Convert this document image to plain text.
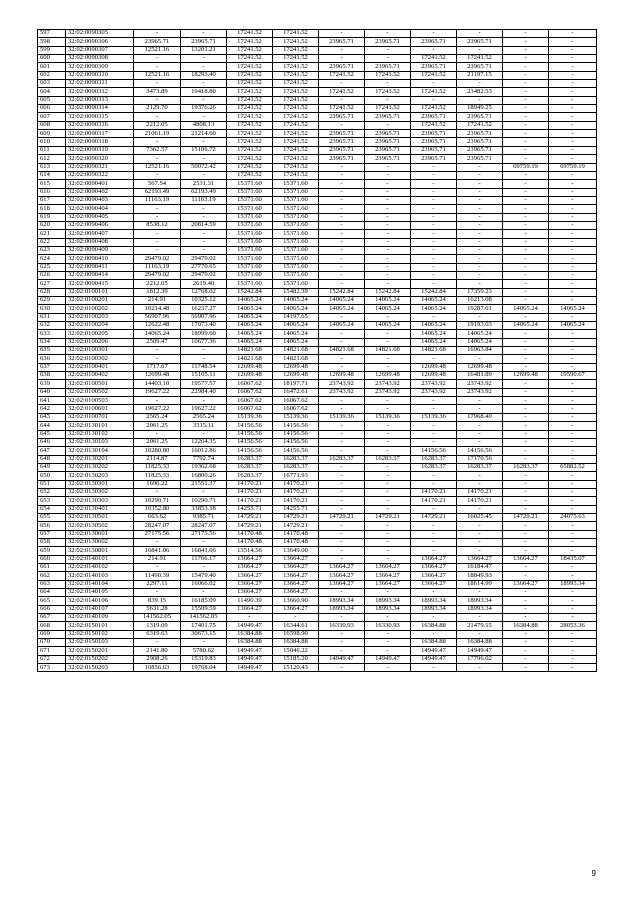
597	32:02:0090305	-	-	17241.52	17241.52	-	-	-	-	-	-
598	32:02:0090306	23965.71	23965.71	17241.52	17241.52	23965.71	23965.71	23965.71	23965.71	-	-
599	32:02:0090307	12521.16	13201.21	17241.52	17241.52	-	-	-	-	-	-
600	32:02:0090308	-	-	17241.52	17241.52	-	-	17241.52	17241.52	-	-
601	32:02:0090309	-	-	17241.52	17241.52	23965.71	23965.71	23965.71	23965.71	-	-
602	32:02:0090310	12521.16	18293.40	17241.52	17241.52	17241.52	17241.52	17241.52	21197.15	-	-
603	32:02:0090311	-	-	17241.52	17241.52	-	-	-	-	-	-
604	32:02:0090312	3473.89	19418.80	17241.52	17241.52	17241.52	17241.52	17241.52	23482.53	-	-
605	32:02:0090313	-	-	17241.52	17241.52	-	-	-	-	-	-
606	32:02:0090314	2129.70	19376.26	17241.52	17241.52	17241.52	17241.52	17241.52	18949.25	-	-
607	32:02:0090315	-	-	17241.52	17241.52	23965.71	23965.71	23965.71	23965.71	-	-
608	32:02:0090316	2212.05	4808.13	17241.52	17241.52	-	-	17241.52	17241.52	-	-
609	32:02:0090317	21061.19	21214.60	17241.52	17241.52	23965.71	23965.71	23965.71	23965.71	-	-
610	32:02:0090318	-	-	17241.52	17241.52	23965.71	23965.71	23965.71	23965.71	-	-
611	32:02:0090319	7362.57	15106.72	17241.52	17241.52	23965.71	23965.71	23965.71	23965.71	-	-
612	32:02:0090320	-	-	17241.52	17241.52	23965.71	23965.71	23965.71	23965.71	-	-
613	32:02:0090321	12521.16	50072.42	17241.52	17241.52	-	-	-	-	69759.19	69759.19
614	32:02:0090322	-	-	17241.52	17241.52	-	-	-	-	-	-
615	32:02:0090401	567.54	2531.31	15371.60	15371.60	-	-	-	-	-	-
616	32:02:0090402	62193.49	62193.49	15371.60	15371.60	-	-	-	-	-	-
617	32:02:0090403	11163.19	11163.19	15371.60	15371.60	-	-	-	-	-	-
618	32:02:0090404	-	-	15371.60	15371.60	-	-	-	-	-	-
619	32:02:0090405	-	-	15371.60	15371.60	-	-	-	-	-	-
620	32:02:0090406	8538.12	20814.59	15371.60	15371.60	-	-	-	-	-	-
621	32:02:0090407	-	-	15371.60	15371.60	-	-	-	-	-	-
622	32:02:0090408	-	-	15371.60	15371.60	-	-	-	-	-	-
623	32:02:0090409	-	-	15371.60	15371.60	-	-	-	-	-	-
624	32:02:0090410	29479.02	29479.02	15371.60	15371.60	-	-	-	-	-	-
625	32:02:0090411	11163.19	27770.65	15371.60	15371.60	-	-	-	-	-	-
626	32:02:0090414	29479.02	29479.02	15371.60	15371.60	-	-	-	-	-	-
627	32:02:0090415	2212.05	2619.40	15371.60	15371.60	-	-	-	-	-	-
628	32:02:0100101	1812.39	12768.02	15242.84	15482.39	15242.84	15242.84	15242.84	17359.23	-	-
629	32:02:0100201	214.91	10325.12	14065.24	14065.24	14065.24	14065.24	14065.24	16213.08	-	-
630	32:02:0100202	10214.48	16237.27	14065.24	14065.24	14065.24	14065.24	14065.24	19287.01	14065.24	14065.24
631	32:02:0100203	56907.96	56907.96	14065.24	14197.65	-	-	-	-	-	-
632	32:02:0100204	12622.48	17073.40	14065.24	14065.24	14065.24	14065.24	14065.24	19193.03	14065.24	14065.24
633	32:02:0100205	14065.24	18999.60	14065.24	14065.24	-	-	14065.24	14065.24	-	-
634	32:02:0100206	2509.47	10677.36	14065.24	14065.24	-	-	14065.24	14065.24	-	-
635	32:02:0100301	-	-	14821.68	14821.68	14821.68	14821.68	14821.68	16963.84	-	-
636	32:02:0100302	-	-	14821.68	14821.68	-	-	-	-	-	-
637	32:02:0100401	1717.67	11748.54	12699.48	12699.48	-	-	12699.48	12699.48	-	-
638	32:02:0100402	12699.48	15105.11	12699.48	12699.48	12699.48	12699.48	12699.48	16481.89	12699.48	19590.67
639	32:02:0100501	14403.10	19577.57	16067.62	18197.71	23743.92	23743.92	23743.92	23743.92	-	-
640	32:02:0100502	19627.22	22984.40	16067.62	16472.61	23743.92	23743.92	23743.92	23743.92	-	-
641	32:02:0100503	-	-	16067.62	16067.62	-	-	-	-	-	-
642	32:02:0100601	19627.22	19627.22	16067.62	16067.62	-	-	-	-	-	-
643	32:02:0100701	2565.24	2565.24	15139.36	15139.36	15139.36	15139.36	15139.36	17968.40	-	-
644	32:02:0130101	2061.25	3315.11	14156.56	14156.56	-	-	-	-	-	-
645	32:02:0130102	-	-	14156.56	14156.56	-	-	-	-	-	-
646	32:02:0130103	2061.25	12264.35	14156.56	14156.56	-	-	-	-	-	-
647	32:02:0130104	10280.80	16012.86	14156.56	14156.56	-	-	14156.56	14156.56	-	-
648	32:02:0130201	2114.87	7792.74	16283.37	16283.37	16283.37	16283.37	16283.37	17170.56	-	-
649	32:02:0130202	11825.33	19362.68	16283.37	16283.37	-	-	16283.37	16283.37	16283.37	65882.52
650	32:02:0130203	11825.33	16800.26	16283.37	16771.93	-	-	-	-	-	-
651	32:02:0130301	1696.22	21551.37	14170.21	14170.21	-	-	-	-	-	-
652	32:02:0130302	-	-	14170.21	14170.21	-	-	14170.21	14170.21	-	-
653	32:02:0130303	10290.71	10290.71	14170.21	14170.21	-	-	14170.21	14170.21	-	-
654	32:02:0130401	10352.80	33853.18	14255.71	14255.71	-	-	-	-	-	-
655	32:02:0130501	663.62	9385.71	14729.21	14729.21	14729.21	14729.21	14729.21	16025.45	14729.21	24075.63
656	32:02:0130502	28247.07	28247.07	14729.21	14729.21	-	-	-	-	-	-
657	32:02:0130601	27175.56	27175.56	14170.48	14170.48	-	-	-	-	-	-
658	32:02:0130602	-	-	14170.48	14170.48	-	-	-	-	-	-
659	32:02:0130801	16841.06	16841.06	13514.56	13649.00	-	-	-	-	-	-
660	32:02:0140101	214.91	11766.17	13664.27	13664.27	-	-	13664.27	13664.27	13664.27	18435.07
661	32:02:0140102	-	-	13664.27	13664.27	13664.27	13664.27	13664.27	16184.47	-	-
662	32:02:0140103	11490.39	15479.40	13664.27	13664.27	13664.27	13664.27	13664.27	18849.93	-	-
663	32:02:0140104	2297.11	16066.02	13664.27	13664.27	13664.27	13664.27	13664.27	18614.99	13664.27	18993.34
664	32:02:0140105	-	-	13664.27	13664.27	-	-	-	-	-	-
665	32:02:0140106	839.15	16185.09	11490.39	13660.90	18993.34	18993.34	18993.34	18993.34	-	-
666	32:02:0140107	5631.28	15509.59	13664.27	13664.27	18993.34	18993.34	18993.34	18993.34	-	-
667	32:02:0140109	141562.05	141562.05	-	-	-	-	-	-	-	-
668	32:02:0150101	1319.09	17401.75	14949.47	16344.61	16330.93	16330.93	16384.88	21479.15	16384.88	28053.36
669	32:02:0150102	6319.63	30673.15	16384.88	16598.90	-	-	-	-	-	-
670	32:02:0150103	-	-	16384.88	16384.88	-	-	16384.88	16384.88	-	-
671	32:02:0150201	2141.80	5780.62	14949.47	15046.22	-	-	14949.47	14949.47	-	-
672	32:02:0150202	2908.26	15319.83	14949.47	15185.20	14949.47	14949.47	14949.47	17796.02	-	-
673	32:02:0150203	10856.63	19768.04	14949.47	15120.43	-	-	-	-	-	-
9
